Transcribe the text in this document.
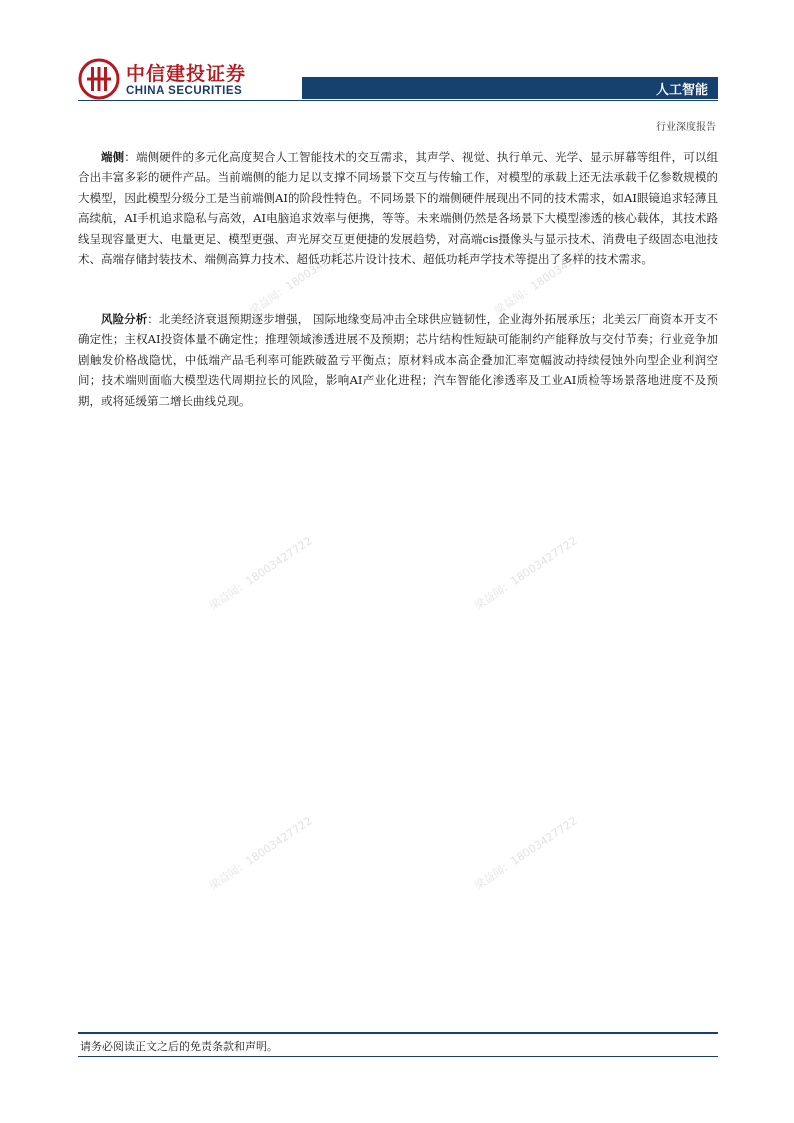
中信建投证券
CHINA SECURITIES	人工智能
行业深度报告

端侧：端侧硬件的多元化高度契合人工智能技术的交互需求，其声学、视觉、执行单元、光学、显示屏幕等组件，可以组合出丰富多彩的硬件产品。当前端侧的能力足以支撑不同场景下交互与传输工作，对模型的承载上还无法承载千亿参数规模的大模型，因此模型分级分工是当前端侧AI的阶段性特色。不同场景下的端侧硬件展现出不同的技术需求，如AI眼镜追求轻薄且高续航，AI手机追求隐私与高效，AI电脑追求效率与便携，等等。未来端侧仍然是各场景下大模型渗透的核心载体，其技术路线呈现容量更大、电量更足、模型更强、声光屏交互更便捷的发展趋势，对高端cis摄像头与显示技术、消费电子级固态电池技术、高端存储封装技术、端侧高算力技术、超低功耗芯片设计技术、超低功耗声学技术等提出了多样的技术需求。

风险分析：北美经济衰退预期逐步增强， 国际地缘变局冲击全球供应链韧性，企业海外拓展承压；北美云厂商资本开支不确定性；主权AI投资体量不确定性；推理领域渗透进展不及预期；芯片结构性短缺可能制约产能释放与交付节奏；行业竞争加剧触发价格战隐忧，中低端产品毛利率可能跌破盈亏平衡点；原材料成本高企叠加汇率宽幅波动持续侵蚀外向型企业利润空间；技术端则面临大模型迭代周期拉长的风险，影响AI产业化进程；汽车智能化渗透率及工业AI质检等场景落地进度不及预期，或将延缓第二增长曲线兑现。

梁益闻：18003427722	梁益闻：18003427722
梁益闻：18003427722	梁益闻：18003427722
梁益闻：18003427722	梁益闻：18003427722
请务必阅读正文之后的免责条款和声明。
